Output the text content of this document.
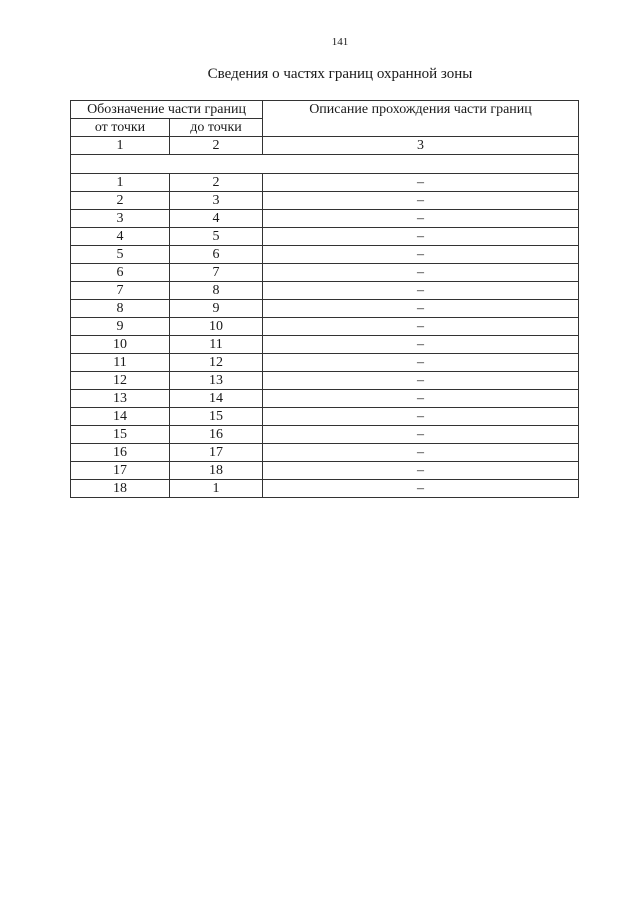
141
Сведения о частях границ охранной зоны
Обозначение части границ		Описание прохождения части границ
от точки	до точки	
1	2	3

1	2	–
2	3	–
3	4	–
4	5	–
5	6	–
6	7	–
7	8	–
8	9	–
9	10	–
10	11	–
11	12	–
12	13	–
13	14	–
14	15	–
15	16	–
16	17	–
17	18	–
18	1	–
